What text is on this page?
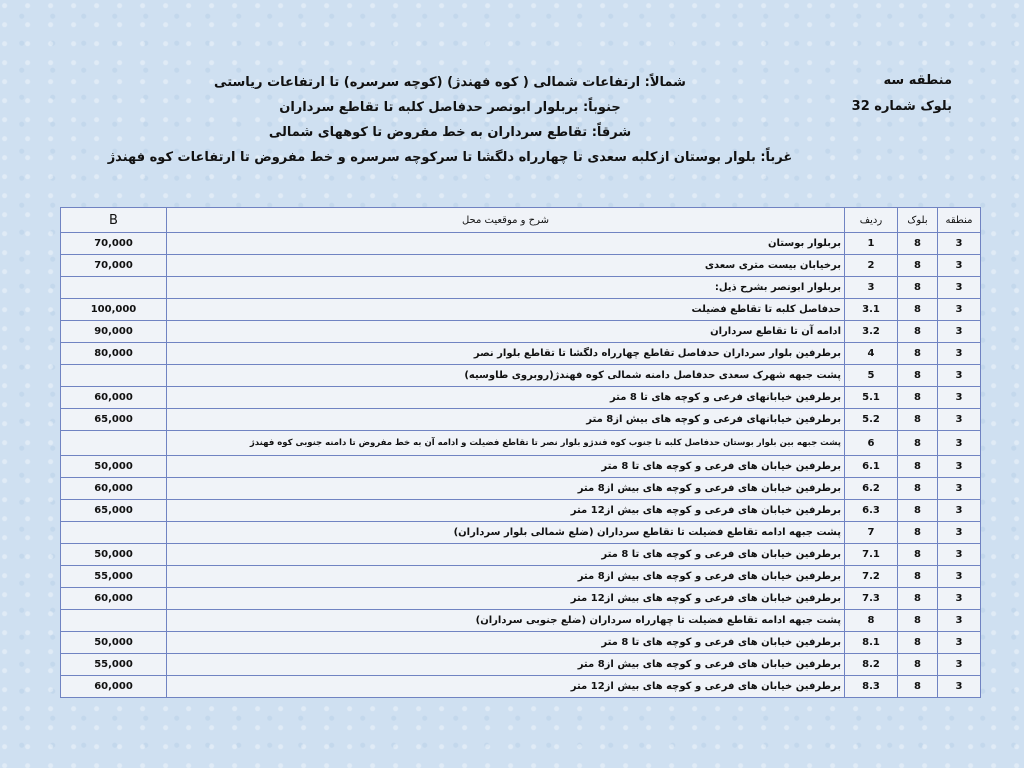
منطقه سه
بلوک شماره 32
شمالاً: ارتفاعات شمالی ( کوه فهندژ) (کوچه سرسره) تا ارتفاعات ریاستی
جنوباً: بربلوار ابونصر حدفاصل کلبه تا تقاطع سرداران
شرقاً: تقاطع سرداران به خط مفروض تا کوههای شمالی
غرباً: بلوار بوستان ازکلبه سعدی تا چهارراه دلگشا تا سرکوچه سرسره و خط مفروض تا ارتفاعات کوه فهندژ
منطقه	بلوک	ردیف	شرح و موقعیت محل	B
3	8	1	بربلوار بوستان	70,000
3	8	2	برخیابان بیست متری سعدی	70,000
3	8	3	بربلوار ابونصر بشرح ذیل:	
3	8	3.1	حدفاصل کلبه تا تقاطع فضیلت	100,000
3	8	3.2	ادامه آن تا تقاطع سرداران	90,000
3	8	4	برطرفین بلوار سرداران حدفاصل تقاطع چهارراه دلگشا تا تقاطع بلوار نصر	80,000
3	8	5	پشت جبهه شهرک سعدی حدفاصل دامنه شمالی کوه فهندژ(روبروی طاوسیه)	
3	8	5.1	برطرفین خیابانهای فرعی و کوچه های تا 8 متر	60,000
3	8	5.2	برطرفین خیابانهای فرعی و کوچه های بیش از8 متر	65,000
3	8	6	پشت جبهه بین بلوار بوستان حدفاصل کلبه تا جنوب کوه فندژو بلوار نصر تا تقاطع فضیلت و ادامه آن به خط مفروض تا دامنه جنوبی کوه فهندژ	
3	8	6.1	برطرفین خیابان های فرعی و کوچه های تا 8 متر	50,000
3	8	6.2	برطرفین خیابان های فرعی و کوچه های بیش از8 متر	60,000
3	8	6.3	برطرفین خیابان های فرعی و کوچه های بیش از12 متر	65,000
3	8	7	پشت جبهه ادامه تقاطع فضیلت تا تقاطع سرداران (ضلع شمالی بلوار سرداران)	
3	8	7.1	برطرفین خیابان های فرعی و کوچه های تا 8 متر	50,000
3	8	7.2	برطرفین خیابان های فرعی و کوچه های بیش از8 متر	55,000
3	8	7.3	برطرفین خیابان های فرعی و کوچه های بیش از12 متر	60,000
3	8	8	پشت جبهه ادامه تقاطع فضیلت تا چهارراه سرداران (ضلع جنوبی سرداران)	
3	8	8.1	برطرفین خیابان های فرعی و کوچه های تا 8 متر	50,000
3	8	8.2	برطرفین خیابان های فرعی و کوچه های بیش از8 متر	55,000
3	8	8.3	برطرفین خیابان های فرعی و کوچه های بیش از12 متر	60,000
